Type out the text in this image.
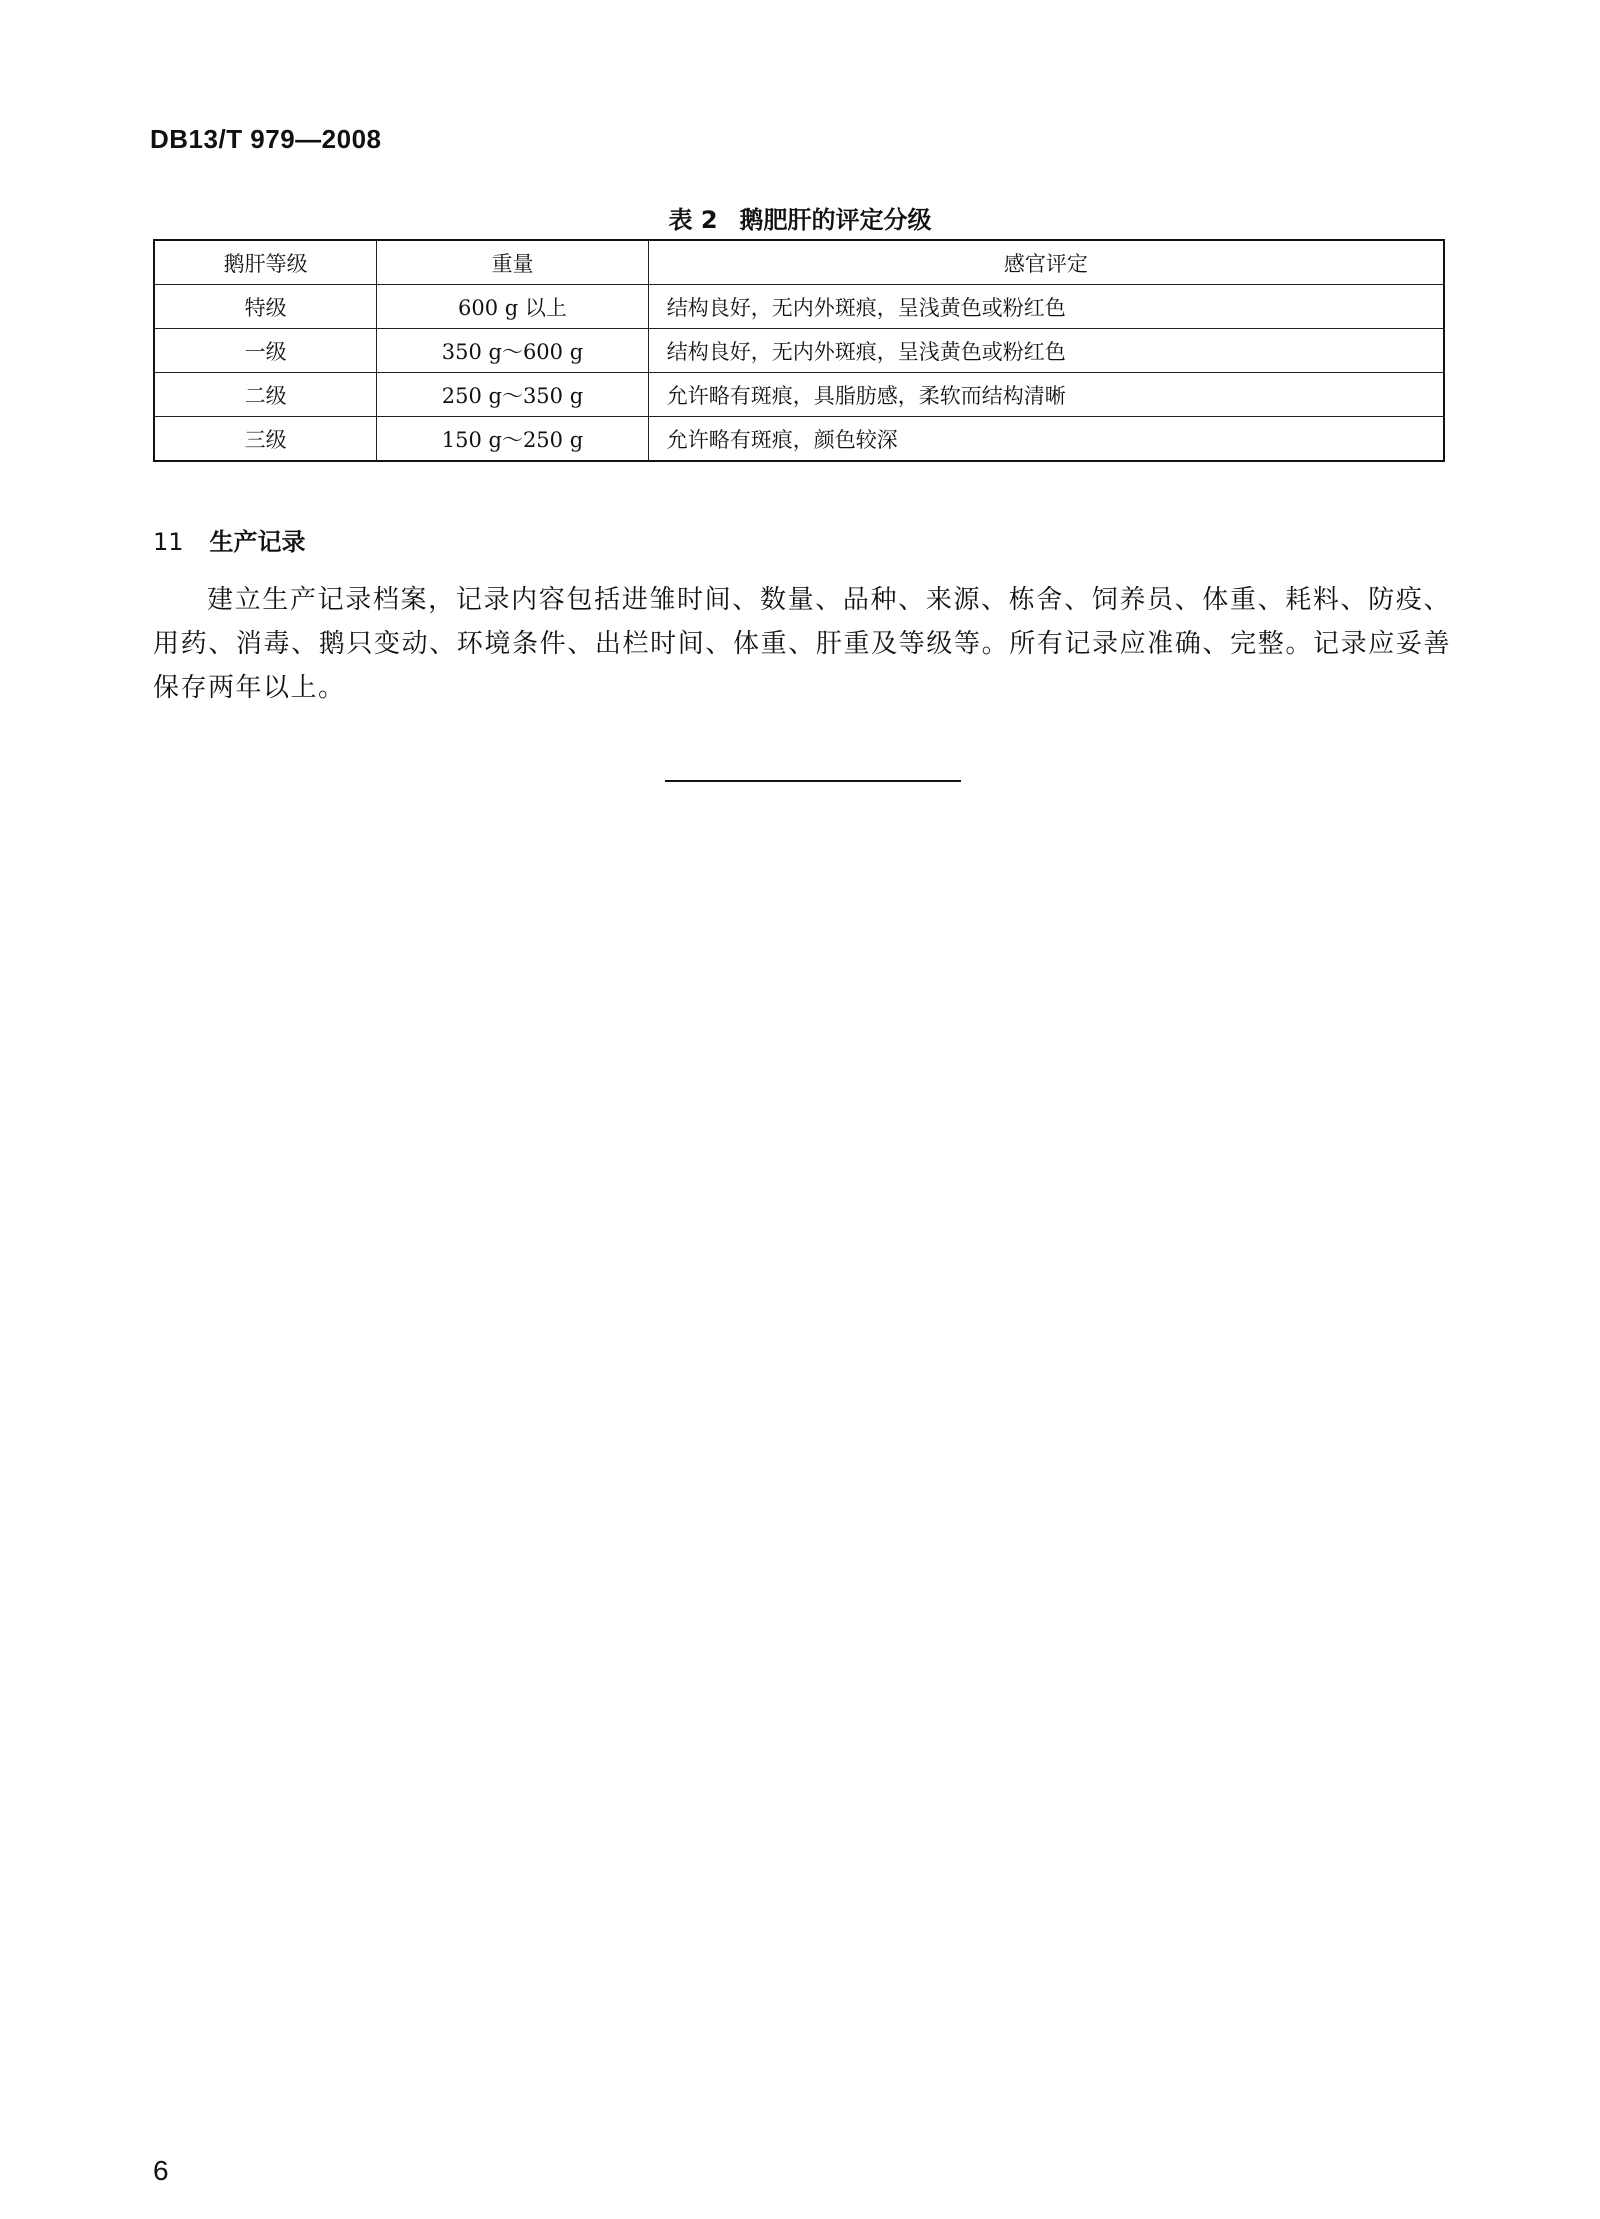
DB13/T 979—2008
表 2 鹅肥肝的评定分级
鹅肝等级	重量	感官评定
特级	600 g 以上	结构良好，无内外斑痕，呈浅黄色或粉红色
一级	350 g～600 g	结构良好，无内外斑痕，呈浅黄色或粉红色
二级	250 g～350 g	允许略有斑痕，具脂肪感，柔软而结构清晰
三级	150 g～250 g	允许略有斑痕，颜色较深
11 生产记录
建立生产记录档案，记录内容包括进雏时间、数量、品种、来源、栋舍、饲养员、体重、耗料、防疫、用药、消毒、鹅只变动、环境条件、出栏时间、体重、肝重及等级等。所有记录应准确、完整。记录应妥善保存两年以上。
6
